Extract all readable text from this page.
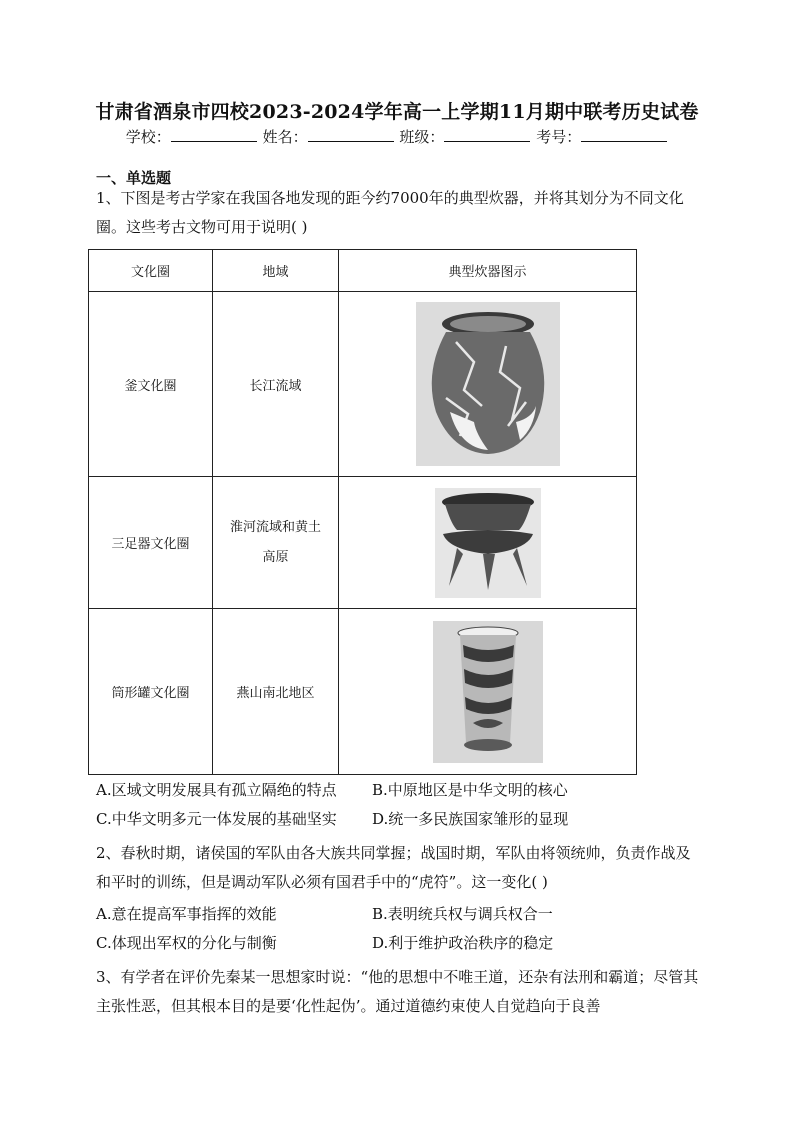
甘肃省酒泉市四校2023-2024学年高一上学期11月期中联考历史试卷
学校：	姓名：	班级：	考号：
一、单选题
1、下图是考古学家在我国各地发现的距今约7000年的典型炊器，并将其划分为不同文化圈。这些考古文物可用于说明( )
文化圈	地域	典型炊器图示
釜文化圈	长江流域	

三足器文化圈	淮河流域和黄土高原

筒形罐文化圈	燕山南北地区	
A.区域文明发展具有孤立隔绝的特点 B.中原地区是中华文明的核心
C.中华文明多元一体发展的基础坚实 D.统一多民族国家雏形的显现
2、春秋时期，诸侯国的军队由各大族共同掌握；战国时期，军队由将领统帅，负责作战及和平时的训练，但是调动军队必须有国君手中的“虎符”。这一变化( )
A.意在提高军事指挥的效能	B.表明统兵权与调兵权合一
C.体现出军权的分化与制衡	D.利于维护政治秩序的稳定
3、有学者在评价先秦某一思想家时说：“他的思想中不唯王道，还杂有法刑和霸道；尽管其主张性恶，但其根本目的是要‘化性起伪’。通过道德约束使人自觉趋向于良善
